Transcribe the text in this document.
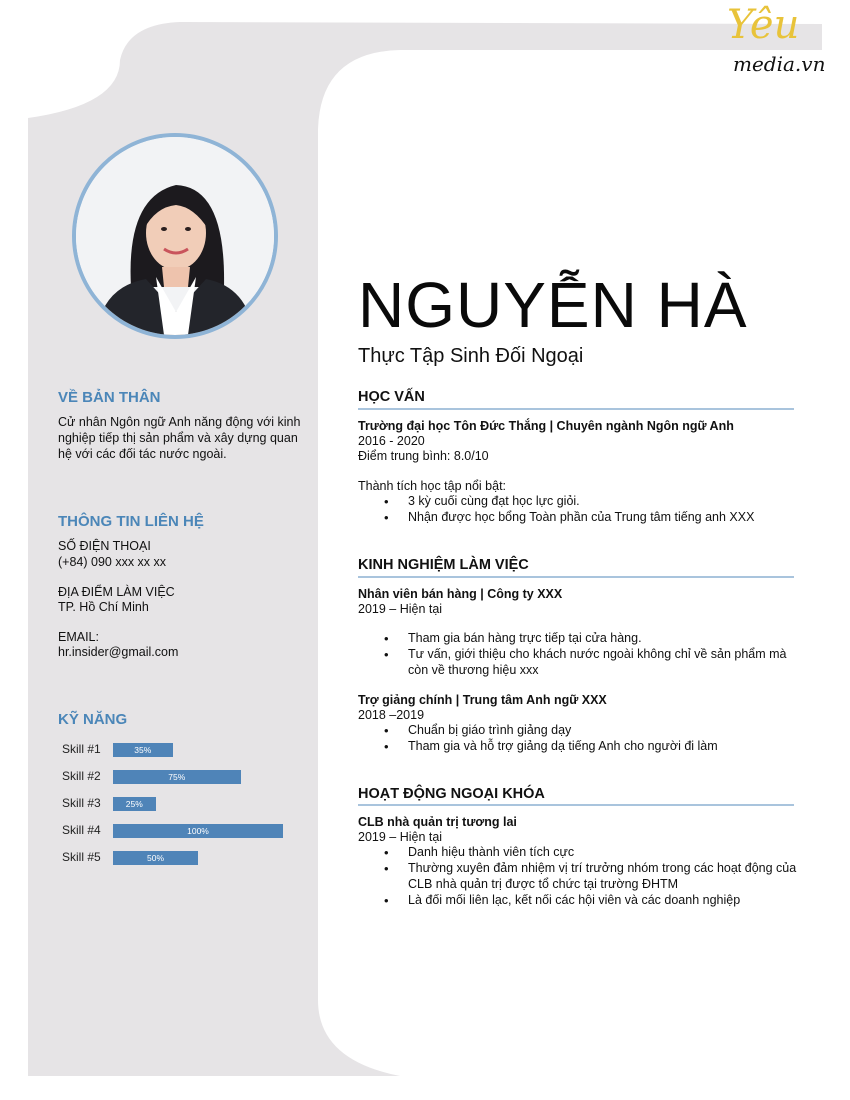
Yêu
media.vn
VỀ BẢN THÂN
Cử nhân Ngôn ngữ Anh năng động với kinh nghiệp tiếp thị sản phẩm và xây dựng quan hệ với các đối tác nước ngoài.
THÔNG TIN LIÊN HỆ
SỐ ĐIỆN THOẠI
(+84) 090 xxx xx xx
ĐỊA ĐIỂM LÀM VIỆC
TP. Hồ Chí Minh
EMAIL:
hr.insider@gmail.com
KỸ NĂNG
Skill #1	35%
Skill #2	75%
Skill #3	25%
Skill #4	100%
Skill #5	50%
NGUYỄN HÀ
Thực Tập Sinh Đối Ngoại
HỌC VẤN
Trường đại học Tôn Đức Thắng | Chuyên ngành Ngôn ngữ Anh
2016 - 2020
Điểm trung bình: 8.0/10
Thành tích học tập nổi bật:
• 3 kỳ cuối cùng đạt học lực giỏi.
• Nhận được học bổng Toàn phần của Trung tâm tiếng anh XXX
KINH NGHIỆM LÀM VIỆC
Nhân viên bán hàng | Công ty XXX
2019 – Hiện tại
• Tham gia bán hàng trực tiếp tại cửa hàng.
• Tư vấn, giới thiệu cho khách nước ngoài không chỉ về sản phẩm mà còn về thương hiệu xxx
Trợ giảng chính | Trung tâm Anh ngữ XXX
2018 –2019
• Chuẩn bị giáo trình giảng dạy
• Tham gia và hỗ trợ giảng dạ tiếng Anh cho người đi làm
HOẠT ĐỘNG NGOẠI KHÓA
CLB nhà quản trị tương lai
2019 – Hiện tại
• Danh hiệu thành viên tích cực
• Thường xuyên đảm nhiệm vị trí trưởng nhóm trong các hoạt động của CLB nhà quản trị được tổ chức tại trường ĐHTM
• Là đối mối liên lạc, kết nối các hội viên và các doanh nghiệp
